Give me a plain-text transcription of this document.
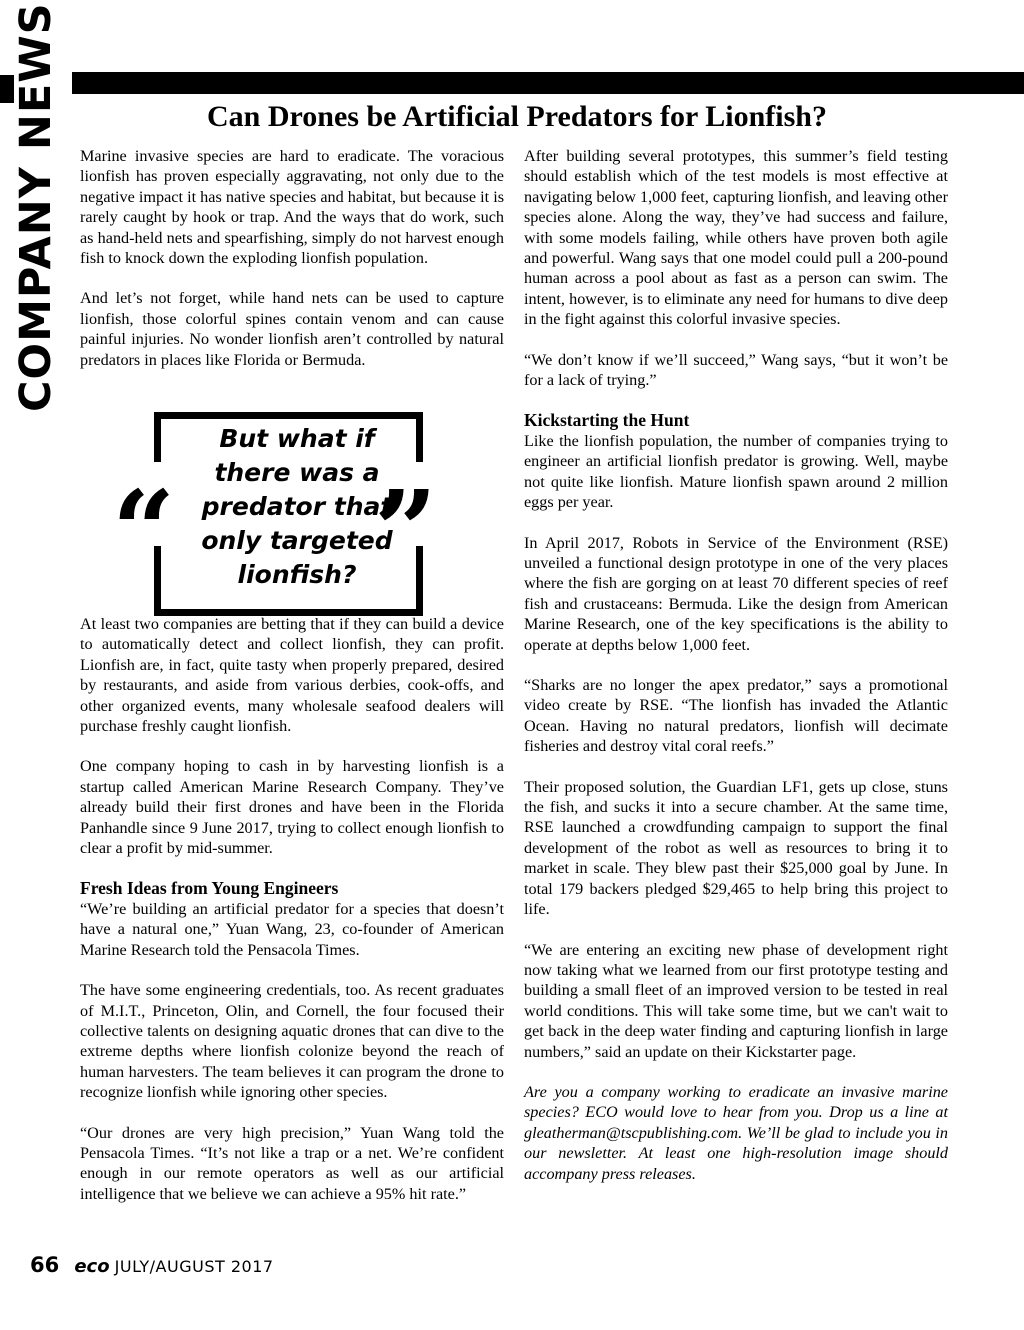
COMPANY NEWS	Can Drones be Artificial Predators for Lionfish?

Marine invasive species are hard to eradicate. The voracious lionfish has proven especially aggravating, not only due to the negative impact it has native species and habitat, but because it is rarely caught by hook or trap. And the ways that do work, such as hand-held nets and spearfishing, simply do not harvest enough fish to knock down the exploding lionfish population.

And let’s not forget, while hand nets can be used to capture lionfish, those colorful spines contain venom and can cause painful injuries. No wonder lionfish aren’t controlled by natural predators in places like Florida or Bermuda.

“
But what if there was a predator that only targeted lionfish? ”

At least two companies are betting that if they can build a device to automatically detect and collect lionfish, they can profit. Lionfish are, in fact, quite tasty when properly prepared, desired by restaurants, and aside from various derbies, cook-offs, and other organized events, many wholesale seafood dealers will purchase freshly caught lionfish.

One company hoping to cash in by harvesting lionfish is a startup called American Marine Research Company. They’ve already build their first drones and have been in the Florida Panhandle since 9 June 2017, trying to collect enough lionfish to clear a profit by mid-summer.

Fresh Ideas from Young Engineers

“We’re building an artificial predator for a species that doesn’t have a natural one,” Yuan Wang, 23, co-founder of American Marine Research told the Pensacola Times.

The have some engineering credentials, too. As recent graduates of M.I.T., Princeton, Olin, and Cornell, the four focused their collective talents on designing aquatic drones that can dive to the extreme depths where lionfish colonize beyond the reach of human harvesters. The team believes it can program the drone to recognize lionfish while ignoring other species.

“Our drones are very high precision,” Yuan Wang told the Pensacola Times. “It’s not like a trap or a net. We’re confident enough in our remote operators as well as our artificial intelligence that we believe we can achieve a 95% hit rate.”

After building several prototypes, this summer’s field testing should establish which of the test models is most effective at navigating below 1,000 feet, capturing lionfish, and leaving other species alone. Along the way, they’ve had success and failure, with some models failing, while others have proven both agile and powerful. Wang says that one model could pull a 200-pound human across a pool about as fast as a person can swim. The intent, however, is to eliminate any need for humans to dive deep in the fight against this colorful invasive species.

“We don’t know if we’ll succeed,” Wang says, “but it won’t be for a lack of trying.”

Kickstarting the Hunt

Like the lionfish population, the number of companies trying to engineer an artificial lionfish predator is growing. Well, maybe not quite like lionfish. Mature lionfish spawn around 2 million eggs per year.

In April 2017, Robots in Service of the Environment (RSE) unveiled a functional design prototype in one of the very places where the fish are gorging on at least 70 different species of reef fish and crustaceans: Bermuda. Like the design from American Marine Research, one of the key specifications is the ability to operate at depths below 1,000 feet.

“Sharks are no longer the apex predator,” says a promotional video create by RSE. “The lionfish has invaded the Atlantic Ocean. Having no natural predators, lionfish will decimate fisheries and destroy vital coral reefs.”

Their proposed solution, the Guardian LF1, gets up close, stuns the fish, and sucks it into a secure chamber. At the same time, RSE launched a crowdfunding campaign to support the final development of the robot as well as resources to bring it to market in scale. They blew past their $25,000 goal by June. In total 179 backers pledged $29,465 to help bring this project to life.

“We are entering an exciting new phase of development right now taking what we learned from our first prototype testing and building a small fleet of an improved version to be tested in real world conditions. This will take some time, but we can't wait to get back in the deep water finding and capturing lionfish in large numbers,” said an update on their Kickstarter page.

Are you a company working to eradicate an invasive marine species? ECO would love to hear from you. Drop us a line at gleatherman@tscpublishing.com. We’ll be glad to include you in our newsletter. At least one high-resolution image should accompany press releases.

66 eco JULY/AUGUST 2017
